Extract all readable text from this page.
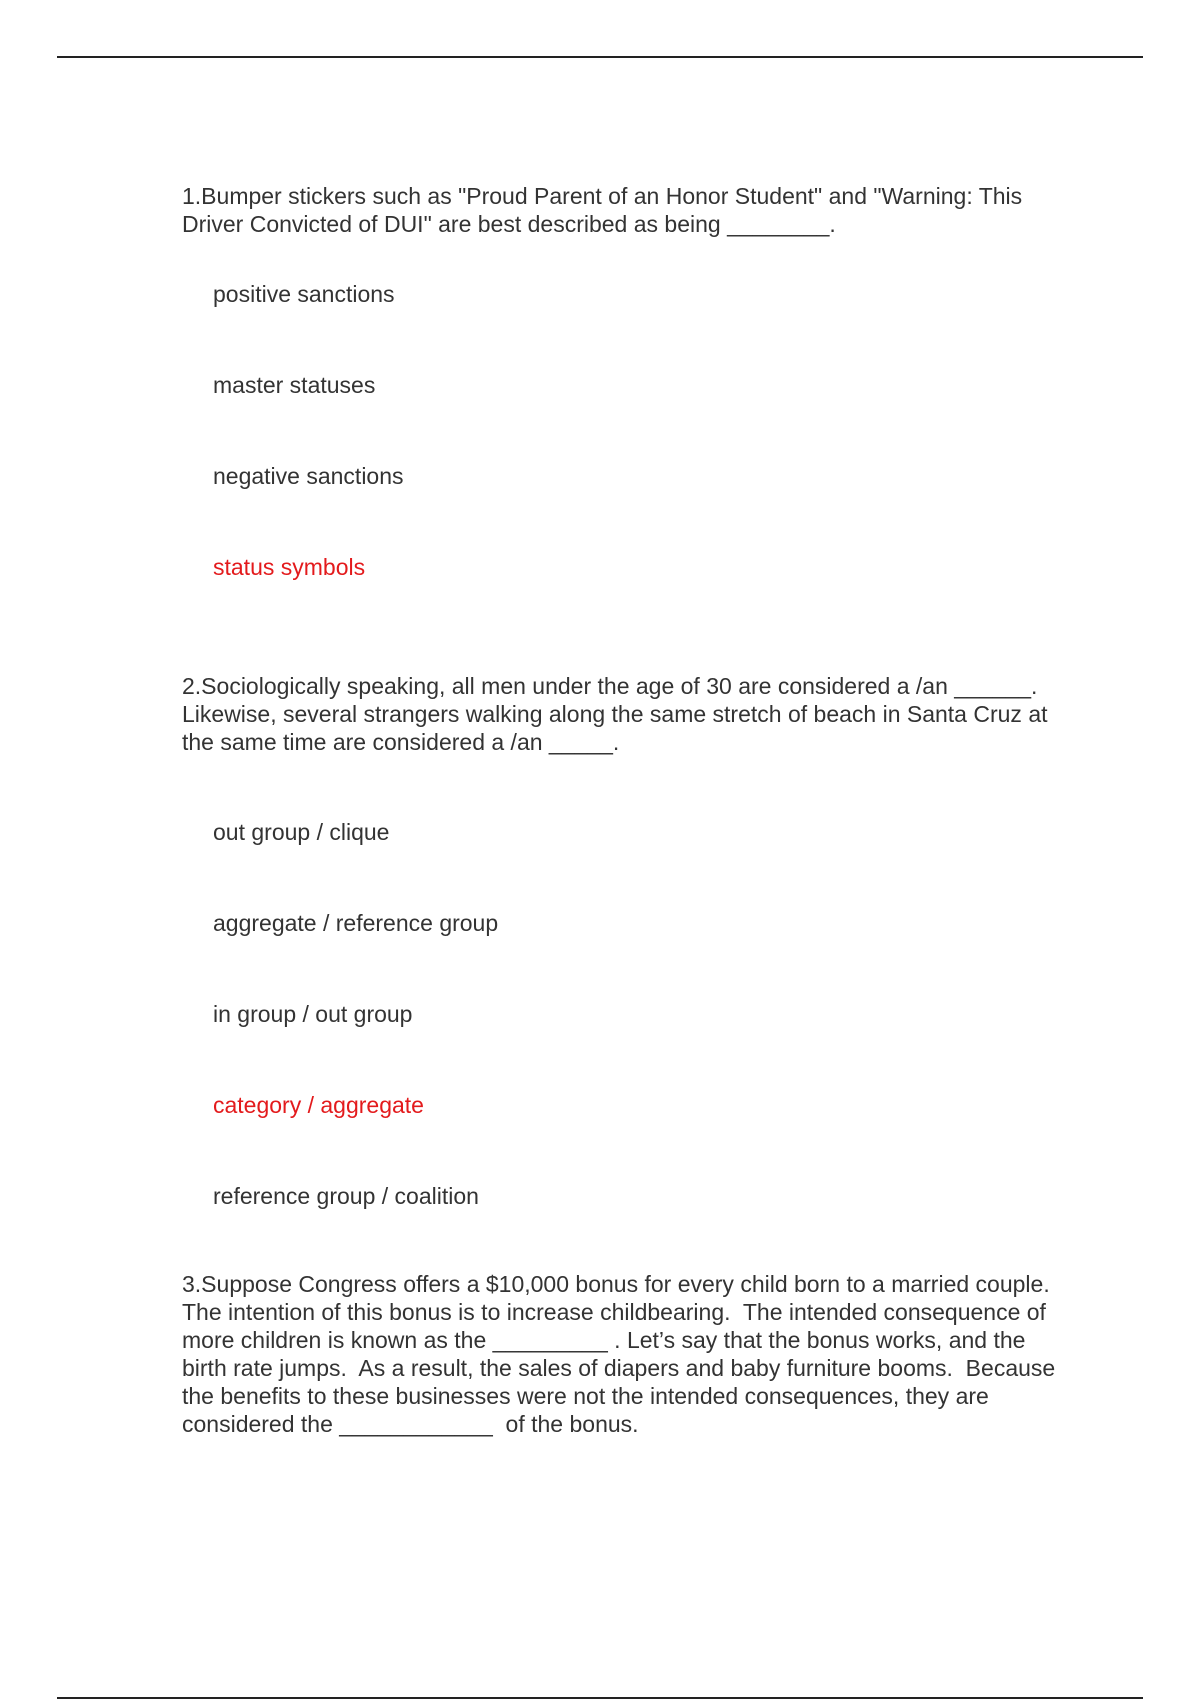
1.Bumper stickers such as "Proud Parent of an Honor Student" and "Warning: This Driver Convicted of DUI" are best described as being ________.

positive sanctions

master statuses

negative sanctions

status symbols

2.Sociologically speaking, all men under the age of 30 are considered a /an ______.     Likewise, several strangers walking along the same stretch of beach in Santa Cruz at the same time are considered a /an _____.

out group / clique

aggregate / reference group

in group / out group

category / aggregate

reference group / coalition

3.Suppose Congress offers a $10,000 bonus for every child born to a married couple.  The intention of this bonus is to increase childbearing.  The intended consequence of more children is known as the _________ . Let’s say that the bonus works, and the birth rate jumps.  As a result, the sales of diapers and baby furniture booms.  Because the benefits to these businesses were not the intended consequences, they are considered the ____________  of the bonus.
